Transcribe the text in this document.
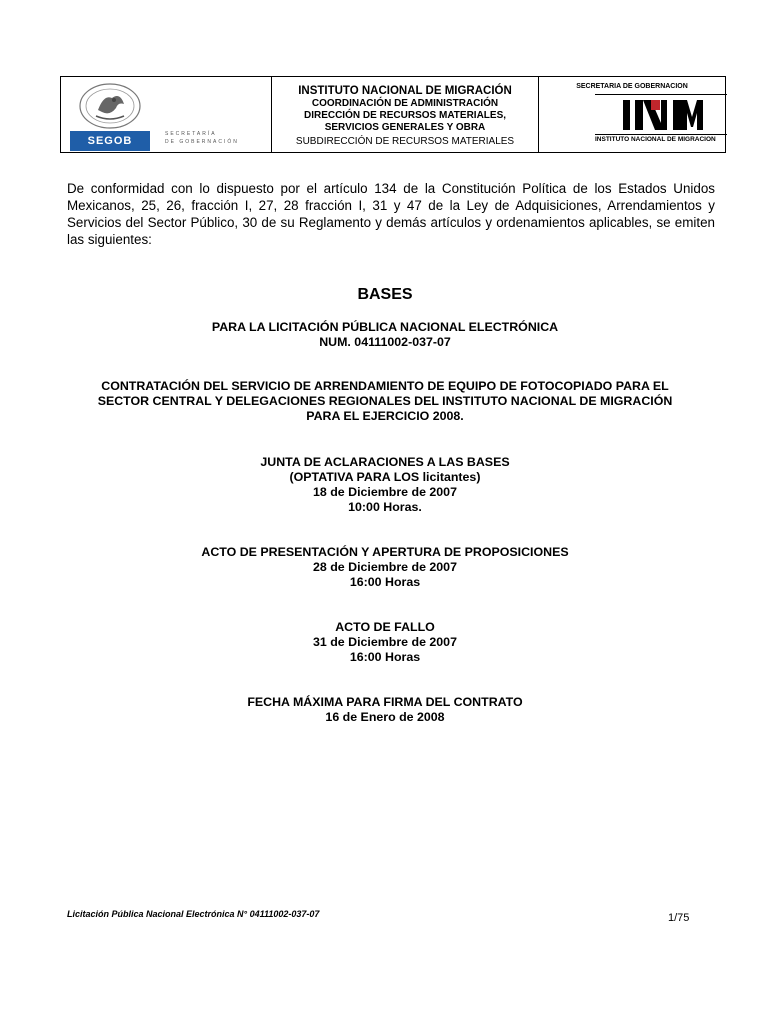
SEGOB
SECRETARÍA
DE GOBERNACIÓN
INSTITUTO NACIONAL DE MIGRACIÓN
COORDINACIÓN DE ADMINISTRACIÓN
DIRECCIÓN DE RECURSOS MATERIALES,
SERVICIOS GENERALES Y OBRA
SUBDIRECCIÓN DE RECURSOS MATERIALES
SECRETARIA DE GOBERNACION
INSTITUTO NACIONAL DE MIGRACION
De conformidad con lo dispuesto por el artículo 134 de la Constitución Política de los Estados Unidos Mexicanos, 25, 26, fracción I, 27, 28 fracción I, 31 y 47 de la Ley de Adquisiciones, Arrendamientos y Servicios del Sector Público, 30 de su Reglamento y demás artículos y ordenamientos aplicables, se emiten las siguientes:
BASES
PARA LA LICITACIÓN PÚBLICA NACIONAL ELECTRÓNICA
NUM. 04111002-037-07
CONTRATACIÓN DEL SERVICIO DE ARRENDAMIENTO DE EQUIPO DE FOTOCOPIADO PARA EL
SECTOR CENTRAL Y DELEGACIONES REGIONALES DEL INSTITUTO NACIONAL DE MIGRACIÓN
PARA EL EJERCICIO 2008.
JUNTA DE ACLARACIONES A LAS BASES
(OPTATIVA PARA LOS licitantes)
18 de Diciembre de 2007
10:00 Horas.
ACTO DE PRESENTACIÓN Y APERTURA DE PROPOSICIONES
28 de Diciembre de 2007
16:00 Horas
ACTO DE FALLO
31 de Diciembre de 2007
16:00 Horas
FECHA MÁXIMA PARA FIRMA DEL CONTRATO
16 de Enero de 2008
Licitación Pública Nacional Electrónica N° 04111002-037-07	1/75
